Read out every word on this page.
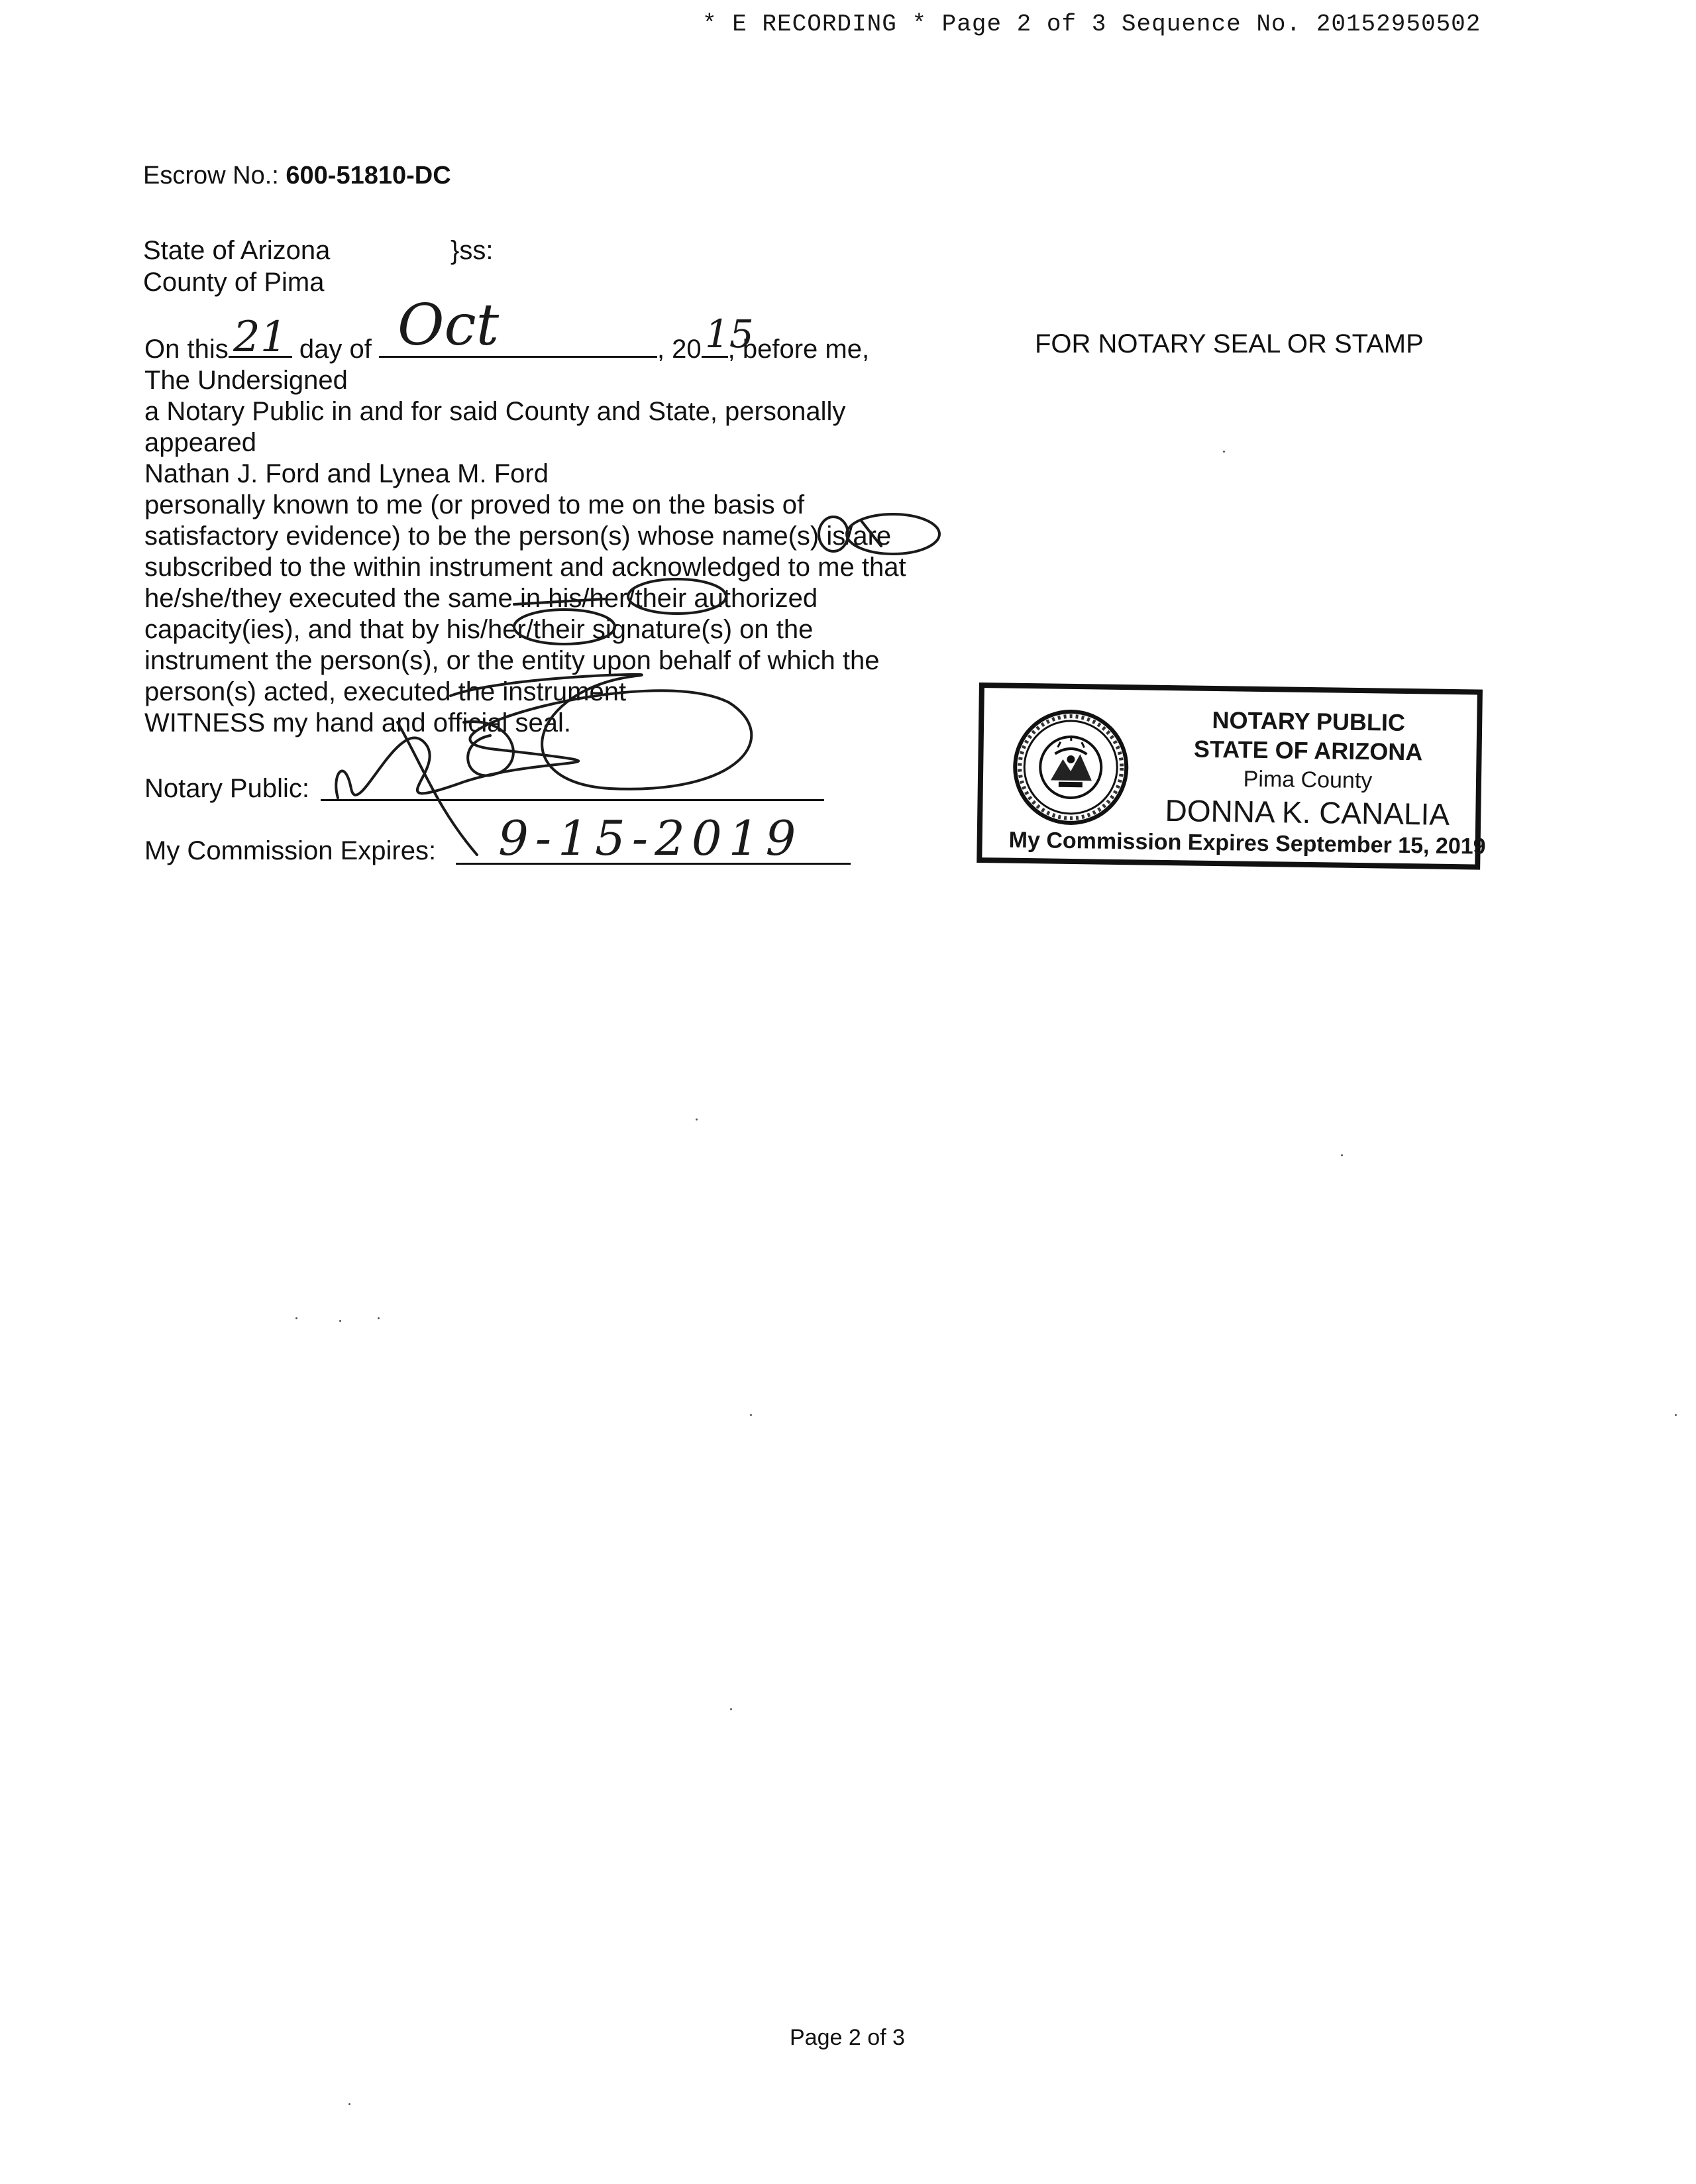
* E RECORDING * Page 2 of 3 Sequence No. 20152950502
Escrow No.: 600-51810-DC
State of Arizona	}ss:
County of Pima
On this	day of	, 20 , before me,
The Undersigned
a Notary Public in and for said County and State, personally
appeared
Nathan J. Ford and Lynea M. Ford
personally known to me (or proved to me on the basis of
satisfactory evidence) to be the person(s) whose name(s) is/are
subscribed to the within instrument and acknowledged to me that
he/she/they executed the same in his/her/their authorized
capacity(ies), and that by his/her/their signature(s) on the
instrument the person(s), or the entity upon behalf of which the
person(s) acted, executed the instrument
WITNESS my hand and official seal.
FOR NOTARY SEAL OR STAMP
Notary Public:
My Commission Expires:
NOTARY PUBLIC
STATE OF ARIZONA
Pima County
DONNA K. CANALIA
My Commission Expires September 15, 2019
21 Oct	15
9-15-2019
Page 2 of 3
